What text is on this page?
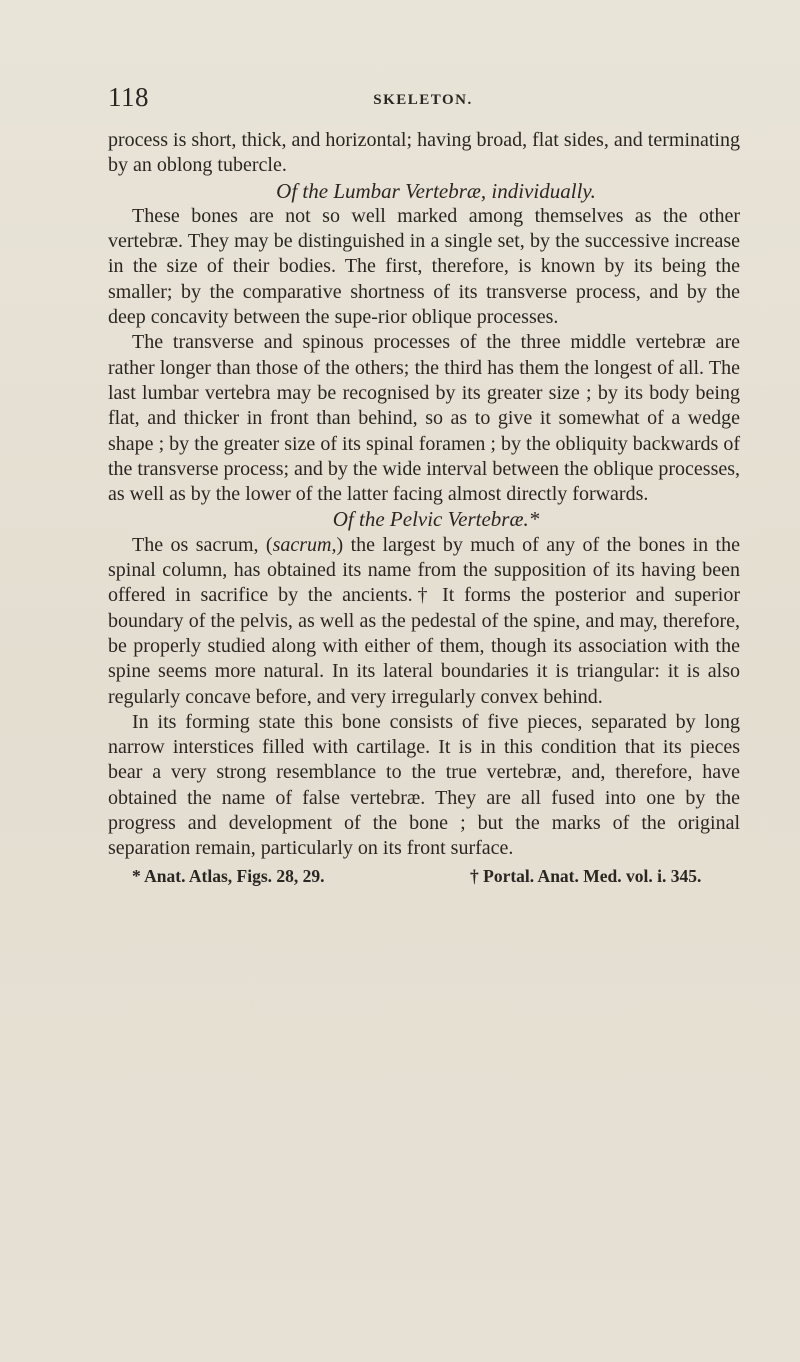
118	SKELETON.

process is short, thick, and horizontal; having broad, flat sides, and terminating by an oblong tubercle.

Of the Lumbar Vertebræ, individually.

These bones are not so well marked among themselves as the other vertebræ. They may be distinguished in a single set, by the successive increase in the size of their bodies. The first, therefore, is known by its being the smaller; by the comparative shortness of its transverse process, and by the deep concavity between the supe-rior oblique processes.

The transverse and spinous processes of the three middle vertebræ are rather longer than those of the others; the third has them the longest of all. The last lumbar vertebra may be recognised by its greater size ; by its body being flat, and thicker in front than behind, so as to give it somewhat of a wedge shape ; by the greater size of its spinal foramen ; by the obliquity backwards of the transverse process; and by the wide interval between the oblique processes, as well as by the lower of the latter facing almost directly forwards.

Of the Pelvic Vertebræ.*

The os sacrum, (sacrum,) the largest by much of any of the bones in the spinal column, has obtained its name from the supposition of its having been offered in sacrifice by the ancients.† It forms the posterior and superior boundary of the pelvis, as well as the pedestal of the spine, and may, therefore, be properly studied along with either of them, though its association with the spine seems more natural. In its lateral boundaries it is triangular: it is also regularly concave before, and very irregularly convex behind.

In its forming state this bone consists of five pieces, separated by long narrow interstices filled with cartilage. It is in this condition that its pieces bear a very strong resemblance to the true vertebræ, and, therefore, have obtained the name of false vertebræ. They are all fused into one by the progress and development of the bone ; but the marks of the original separation remain, particularly on its front surface.

* Anat. Atlas, Figs. 28, 29.	† Portal. Anat. Med. vol. i. 345.
